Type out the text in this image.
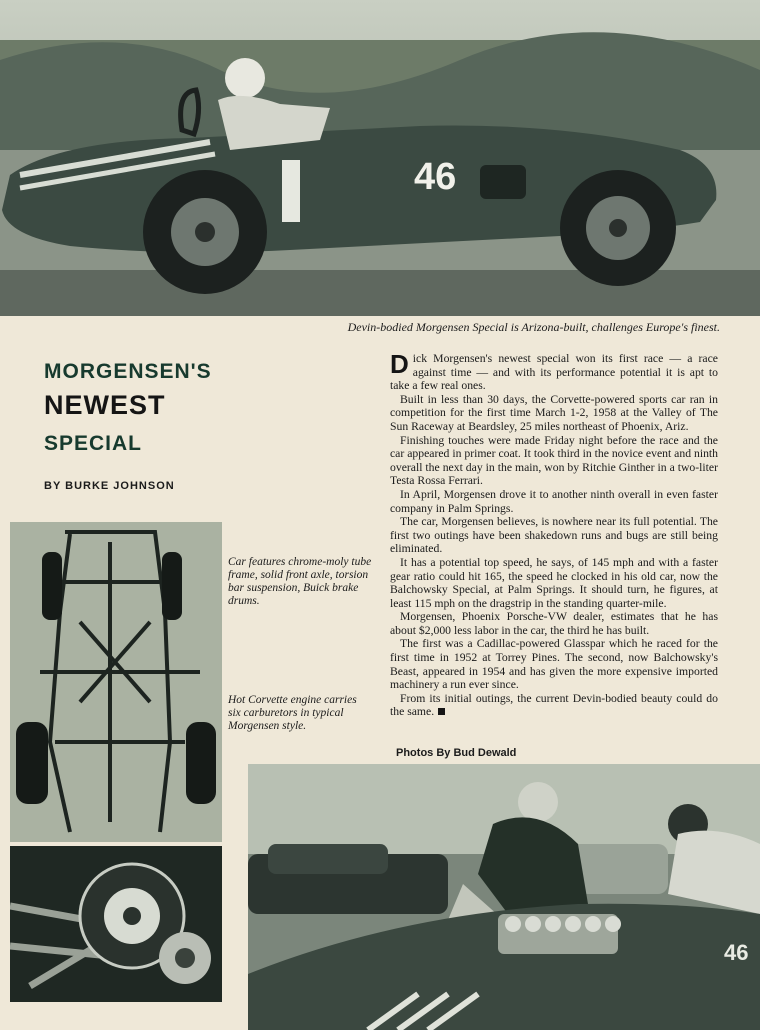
46
Devin-bodied Morgensen Special is Arizona-built, challenges Europe's finest.
MORGENSEN'S
NEWEST
SPECIAL
BY BURKE JOHNSON
Car features chrome-moly tube frame, solid front axle, torsion bar suspension, Buick brake drums.
Hot Corvette engine carries six carburetors in typical Morgensen style.

Dick Morgensen's newest special won its first race — a race against time — and with its performance potential it is apt to take a few real ones.

Built in less than 30 days, the Corvette-powered sports car ran in competition for the first time March 1-2, 1958 at the Valley of The Sun Raceway at Beardsley, 25 miles northeast of Phoenix, Ariz.

Finishing touches were made Friday night before the race and the car appeared in primer coat. It took third in the novice event and ninth overall the next day in the main, won by Ritchie Ginther in a two-liter Testa Rossa Ferrari.

In April, Morgensen drove it to another ninth overall in even faster company in Palm Springs.

The car, Morgensen believes, is nowhere near its full potential. The first two outings have been shakedown runs and bugs are still being eliminated.

It has a potential top speed, he says, of 145 mph and with a faster gear ratio could hit 165, the speed he clocked in his old car, now the Balchowsky Special, at Palm Springs. It should turn, he figures, at least 115 mph on the dragstrip in the standing quarter-mile.

Morgensen, Phoenix Porsche-VW dealer, estimates that he has about $2,000 less labor in the car, the third he has built.

The first was a Cadillac-powered Glasspar which he raced for the first time in 1952 at Torrey Pines. The second, now Balchowsky's Beast, appeared in 1954 and has given the more expensive imported machinery a run ever since.

From its initial outings, the current Devin-bodied beauty could do the same.

Photos By Bud Dewald
46
